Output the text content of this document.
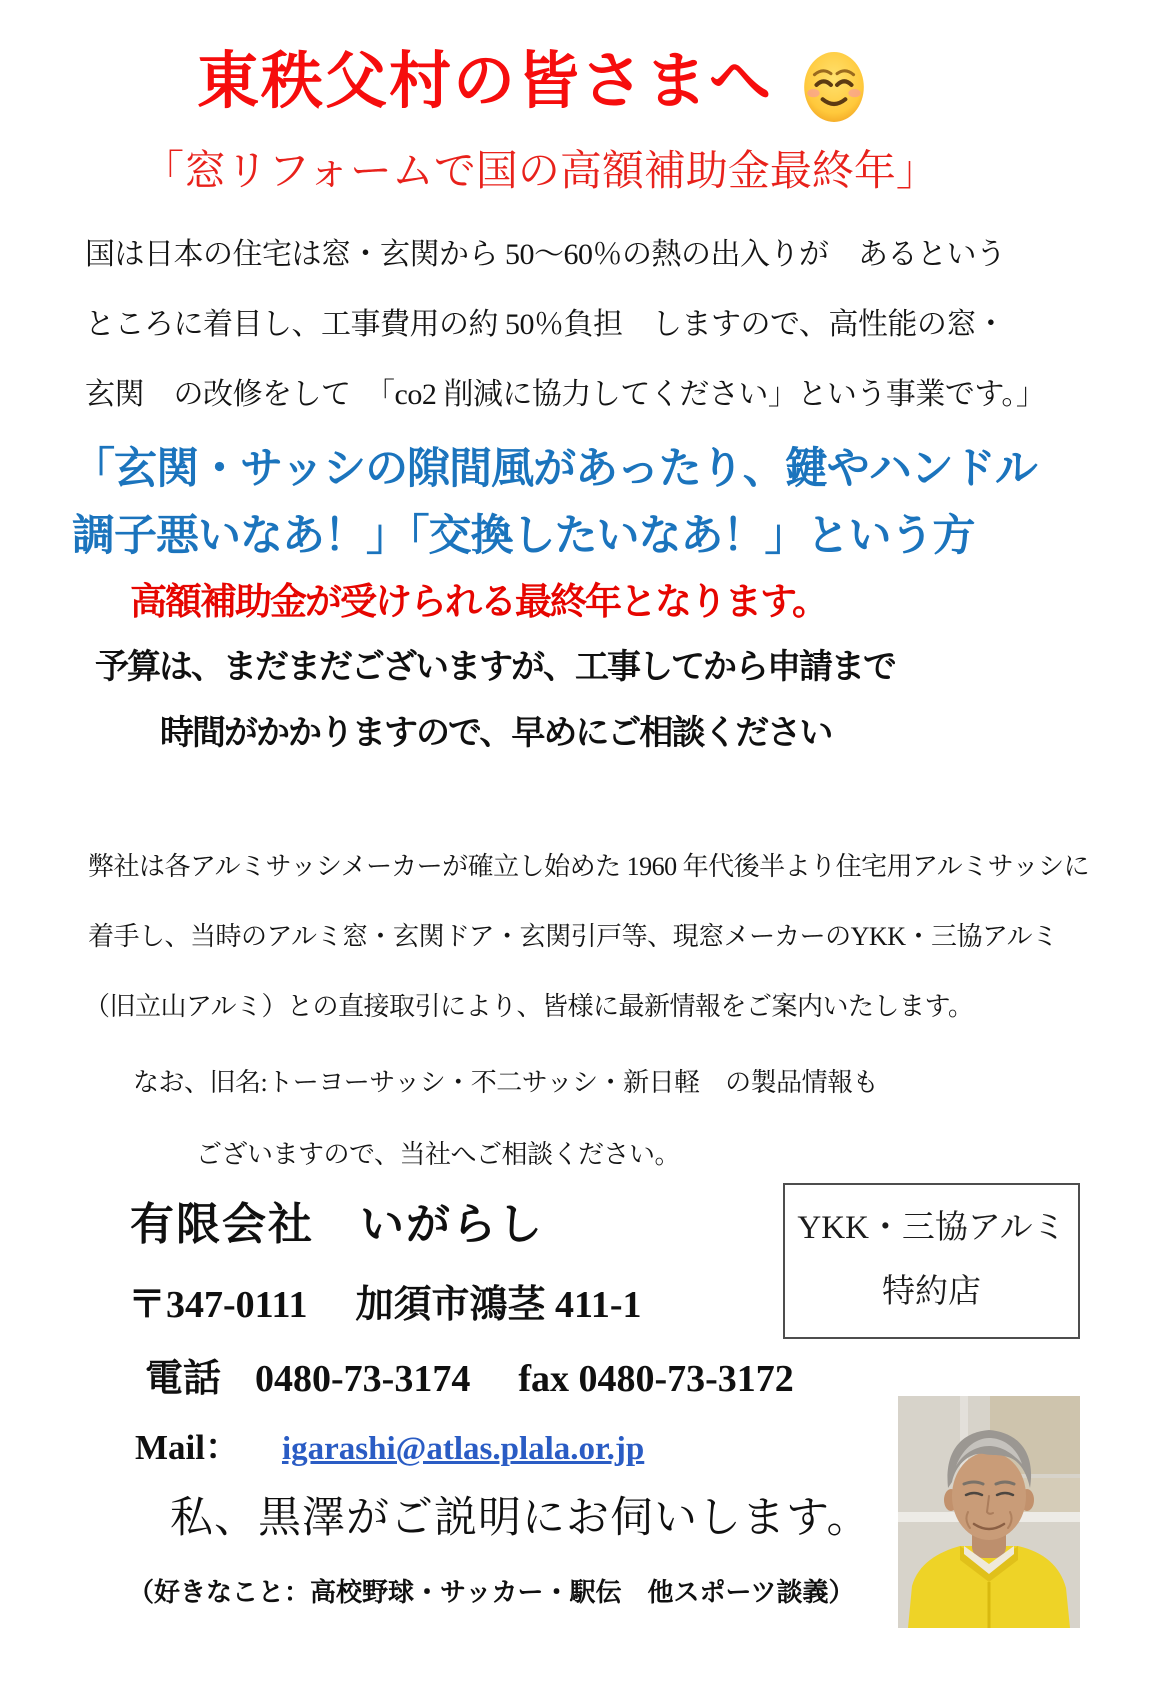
東秩父村の皆さまへ
「窓リフォームで国の高額補助金最終年」
国は日本の住宅は窓・玄関から 50～60％の熱の出入りが　あるという
ところに着目し、工事費用の約 50％負担　しますので、高性能の窓・
玄関　の改修をして　「co2 削減に協力してください」という事業です。」
「玄関・サッシの隙間風があったり、鍵やハンドル
調子悪いなあ！」「交換したいなあ！」という方
高額補助金が受けられる最終年となります。
予算は、まだまだございますが、工事してから申請まで
時間がかかりますので、早めにご相談ください
弊社は各アルミサッシメーカーが確立し始めた 1960 年代後半より住宅用アルミサッシに
着手し、当時のアルミ窓・玄関ドア・玄関引戸等、現窓メーカーのYKK・三協アルミ
（旧立山アルミ）との直接取引により、皆様に最新情報をご案内いたします。
なお、旧名:トーヨーサッシ・不二サッシ・新日軽　の製品情報も
ございますので、当社へご相談ください。
有限会社　いがらし	YKK・三協アルミ
特約店
〒347-0111 加須市鴻茎 411-1
電話 0480-73-3174 fax 0480-73-3172
Mail： igarashi@atlas.plala.or.jp
私、黒澤がご説明にお伺いします。
（好きなこと：高校野球・サッカー・駅伝　他スポーツ談義）
